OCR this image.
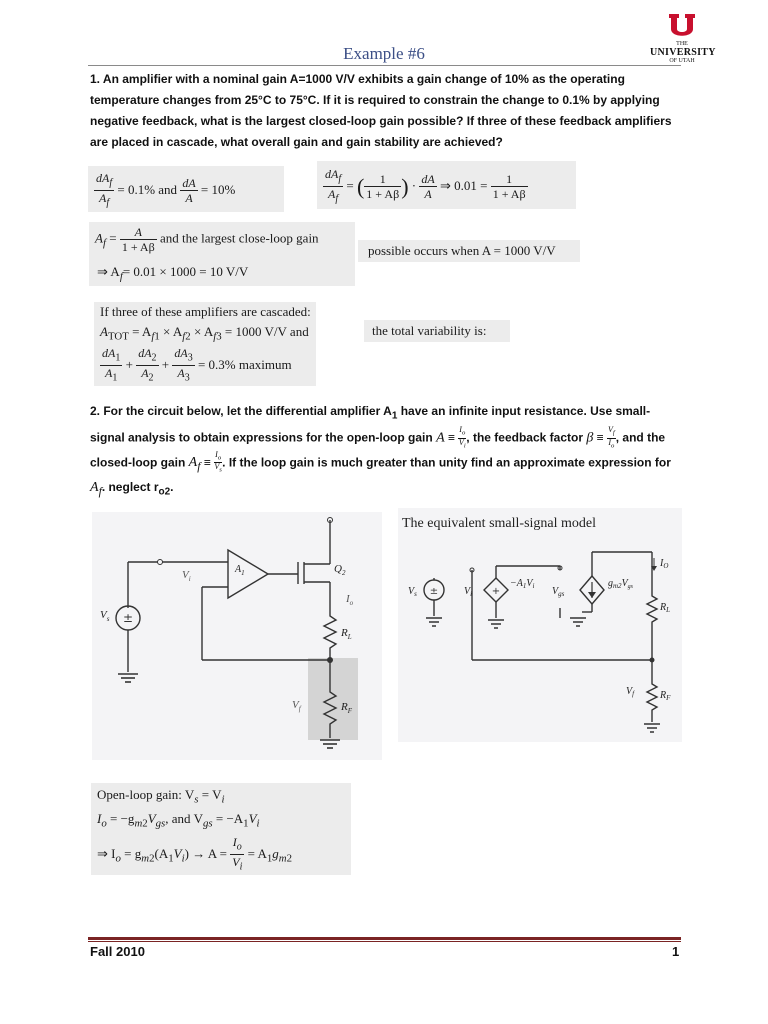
Example #6	THE
UNIVERSITY
OF UTAH
1. An amplifier with a nominal gain A=1000 V/V exhibits a gain change of 10% as the operating temperature changes from 25°C to 75°C. If it is required to constrain the change to 0.1% by applying negative feedback, what is the largest closed-loop gain possible? If three of these feedback amplifiers are placed in cascade, what overall gain and gain stability are achieved?
$dA_f$
$A_f$
= 0.1% and $\frac{dA}{A} = 10\%$
$dA_f$
$A_f$
= ( $\frac{1}{1 + A\beta}$ ) · $\frac{dA}{A}$ ⇒ $0.01 = \frac{1}{1 + A\beta}$
$A_f = \frac{A}{1 + A\beta}$ and the largest close-loop gain
⇒ $A_f= 0.01 \times 1000 = 10$ V/V
possible occurs when A = 1000 V/V
If three of these amplifiers are cascaded:
$A_{TOT} = A_{f1} \times A_{f2} \times A_{f3} = 1000$ V/V and
$\frac{dA_1}{A_1} + \frac{dA_2}{A_2} + \frac{dA_3}{A_3} = 0.3\%$ maximum
the total variability is:
2. For the circuit below, let the differential amplifier $A_1$ have an infinite input resistance. Use small-signal analysis to obtain expressions for the open-loop gain $A \equiv \frac{I_o}{V_i}$ , the feedback factor $\beta \equiv \frac{V_f}{I_o}$ , and the closed-loop gain $A_f \equiv \frac{I_o}{V_s}$ . If the loop gain is much greater than unity find an approximate expression for $A_f$. neglect $r_{o2}$.
±
$V_s$
$V_i$
$A_1$	$Q_2$
$I_o$
$R_L$
$V_f$	$R_F$
The equivalent small-signal model
±	+
$V_s$	$V_i$
$-A_1V_i$ $V_{gs}$
$g_{m2}V_{gs}$
$I_O$
$R_L$
$V_f$	$R_F$
Open-loop gain: $V_s = V_i$
$I_o = -g_{m2}V_{gs}$, and $V_{gs} = -A_1V_i$
⇒ $I_o = g_{m2}(A_1V_i) \to A = \frac{I_o}{V_i} = A_1g_{m2}$
Fall 2010	1
